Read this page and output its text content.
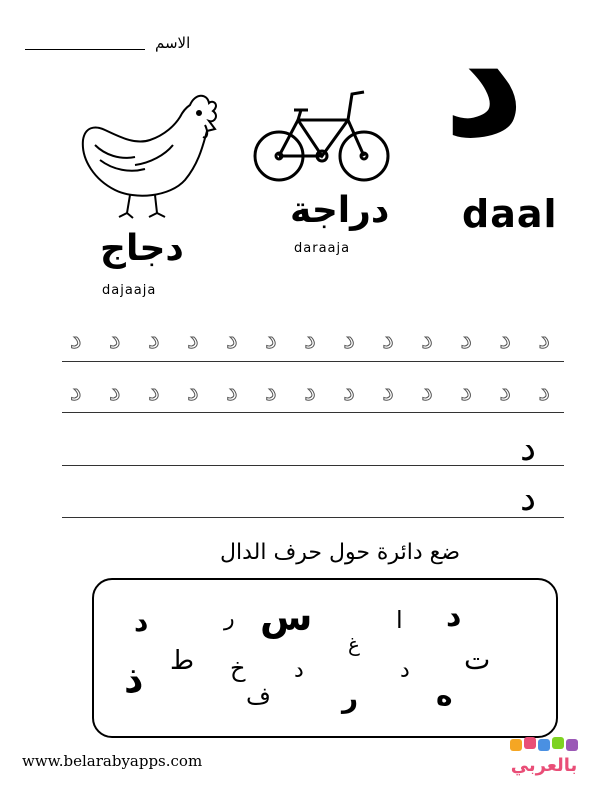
الاسم د
daal
دراجة
daraaja
دجاج
dajaaja
د د د د د د د د د د د د د
د د د د د د د د د د د د د
د
د
ضع دائرة حول حرف الدال
د
ا
س
ر
د
غ	ت
د
خ
ط	د
ذ	ف	ر	ه
www.belarabyapps.com	بالعربي
